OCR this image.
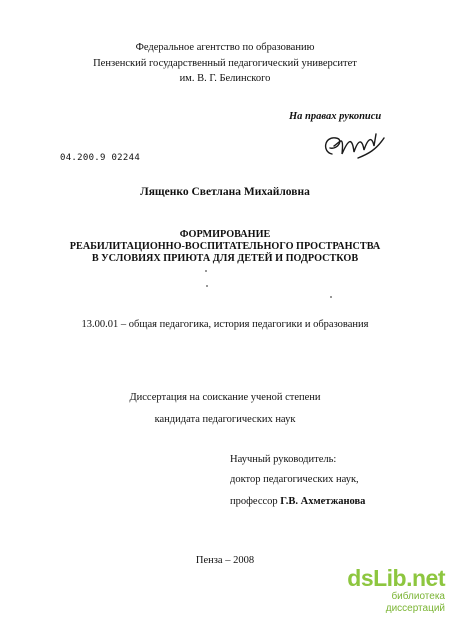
Федеральное агентство по образованию
Пензенский государственный педагогический университет
им. В. Г. Белинского
На правах рукописи
04.200.9 02244
Лященко Светлана Михайловна
ФОРМИРОВАНИЕ
РЕАБИЛИТАЦИОННО-ВОСПИТАТЕЛЬНОГО ПРОСТРАНСТВА
В УСЛОВИЯХ ПРИЮТА ДЛЯ ДЕТЕЙ И ПОДРОСТКОВ
13.00.01 – общая педагогика, история педагогики и образования
Диссертация на соискание ученой степени
кандидата педагогических наук
Научный руководитель:
доктор педагогических наук,
профессор Г.В. Ахметжанова
Пенза – 2008
dsLib.net
библиотека диссертаций
